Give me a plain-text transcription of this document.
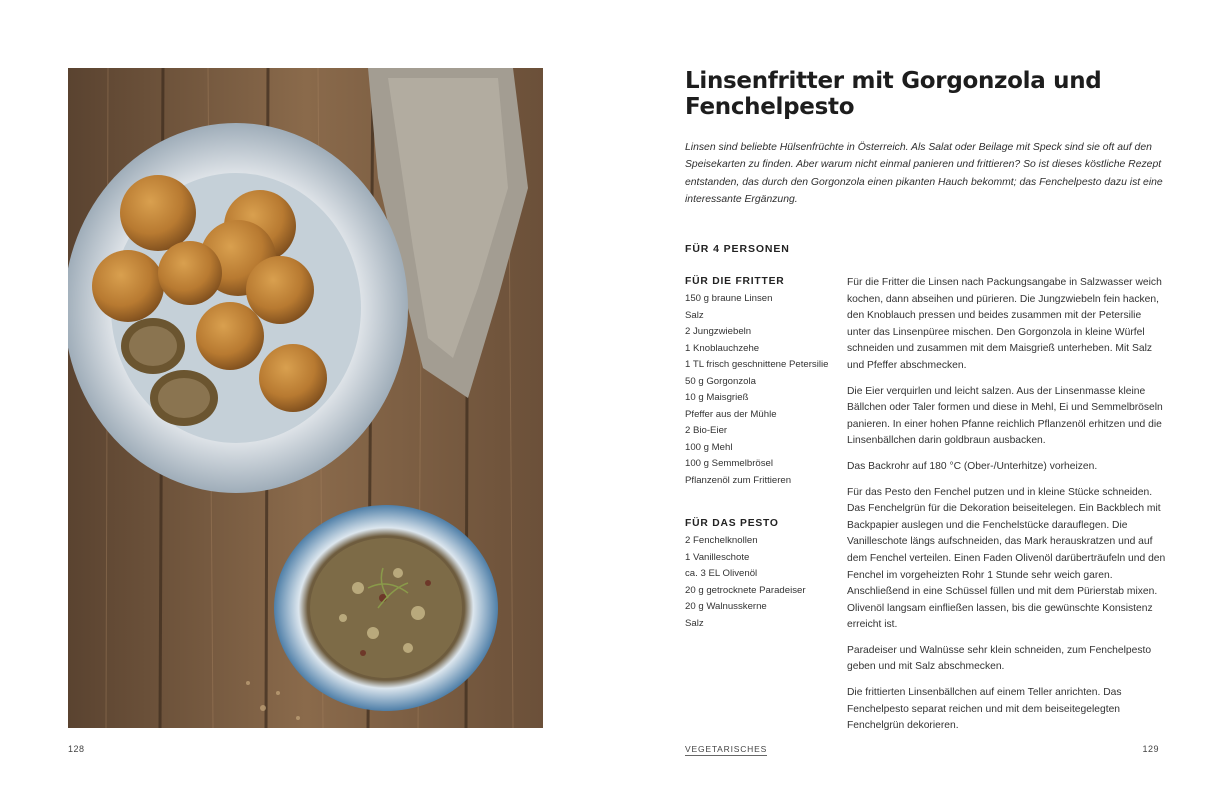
128
Linsenfritter mit Gorgonzola und Fenchelpesto

Linsen sind beliebte Hülsenfrüchte in Österreich. Als Salat oder Beilage mit Speck sind sie oft auf den Speisekarten zu finden. Aber warum nicht einmal panieren und frittieren? So ist dieses köstliche Rezept entstanden, das durch den Gorgonzola einen pikanten Hauch bekommt; das Fenchelpesto dazu ist eine interessante Ergänzung.

FÜR 4 PERSONEN
FÜR DIE FRITTER
150 g braune Linsen
Salz
2 Jungzwiebeln
1 Knoblauchzehe
1 TL frisch geschnittene Petersilie
50 g Gorgonzola
10 g Maisgrieß
Pfeffer aus der Mühle
2 Bio-Eier
100 g Mehl
100 g Semmelbrösel
Pflanzenöl zum Frittieren
FÜR DAS PESTO
2 Fenchelknollen
1 Vanilleschote
ca. 3 EL Olivenöl
20 g getrocknete Paradeiser
20 g Walnusskerne
Salz

Für die Fritter die Linsen nach Packungsangabe in Salzwasser weich kochen, dann abseihen und pürieren. Die Jungzwiebeln fein hacken, den Knoblauch pressen und beides zusammen mit der Petersilie unter das Linsenpüree mischen. Den Gorgonzola in kleine Würfel schneiden und zusammen mit dem Maisgrieß unterheben. Mit Salz und Pfeffer abschmecken.

Die Eier verquirlen und leicht salzen. Aus der Linsenmasse kleine Bällchen oder Taler formen und diese in Mehl, Ei und Semmelbröseln panieren. In einer hohen Pfanne reichlich Pflanzenöl erhitzen und die Linsenbällchen darin goldbraun ausbacken.

Das Backrohr auf 180 °C (Ober-/Unterhitze) vorheizen.

Für das Pesto den Fenchel putzen und in kleine Stücke schneiden. Das Fenchelgrün für die Dekoration beiseitelegen. Ein Backblech mit Backpapier auslegen und die Fenchelstücke darauflegen. Die Vanilleschote längs aufschneiden, das Mark herauskratzen und auf dem Fenchel verteilen. Einen Faden Olivenöl darüberträufeln und den Fenchel im vorgeheizten Rohr 1 Stunde sehr weich garen. Anschließend in eine Schüssel füllen und mit dem Pürierstab mixen. Olivenöl langsam einfließen lassen, bis die gewünschte Konsistenz erreicht ist.

Paradeiser und Walnüsse sehr klein schneiden, zum Fenchelpesto geben und mit Salz abschmecken.

Die frittierten Linsenbällchen auf einem Teller anrichten. Das Fenchelpesto separat reichen und mit dem beiseitegelegten Fenchelgrün dekorieren.

VEGETARISCHES	129
